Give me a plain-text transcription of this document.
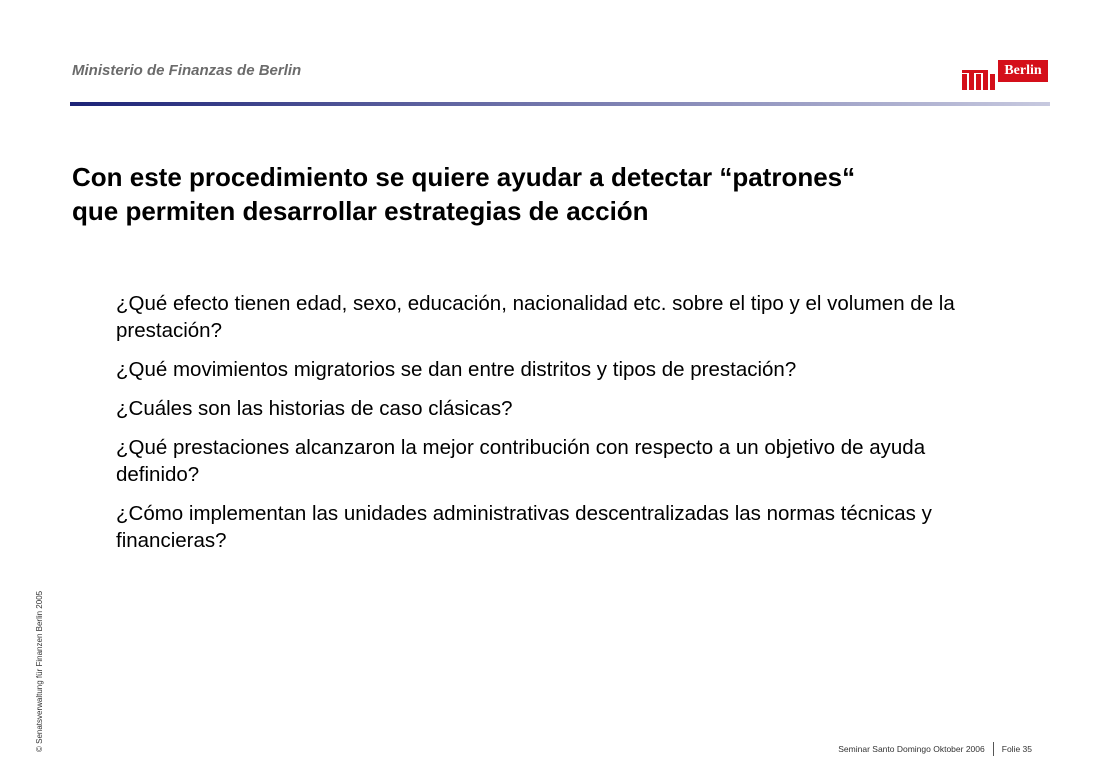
Ministerio de Finanzas de Berlin	Berlin
Con este procedimiento se quiere ayudar a detectar “patrones“
que permiten desarrollar estrategias de acción
¿Qué efecto tienen edad, sexo, educación, nacionalidad etc. sobre el tipo y el volumen de la prestación?
¿Qué movimientos migratorios se dan entre distritos y tipos de prestación?
¿Cuáles son las historias de caso clásicas?
¿Qué prestaciones alcanzaron la mejor contribución con respecto a un objetivo de ayuda definido?
¿Cómo implementan las unidades administrativas descentralizadas las normas técnicas y financieras?
© Senatsverwaltung für Finanzen Berlin 2005	Seminar Santo Domingo Oktober 2006 Folie 35
